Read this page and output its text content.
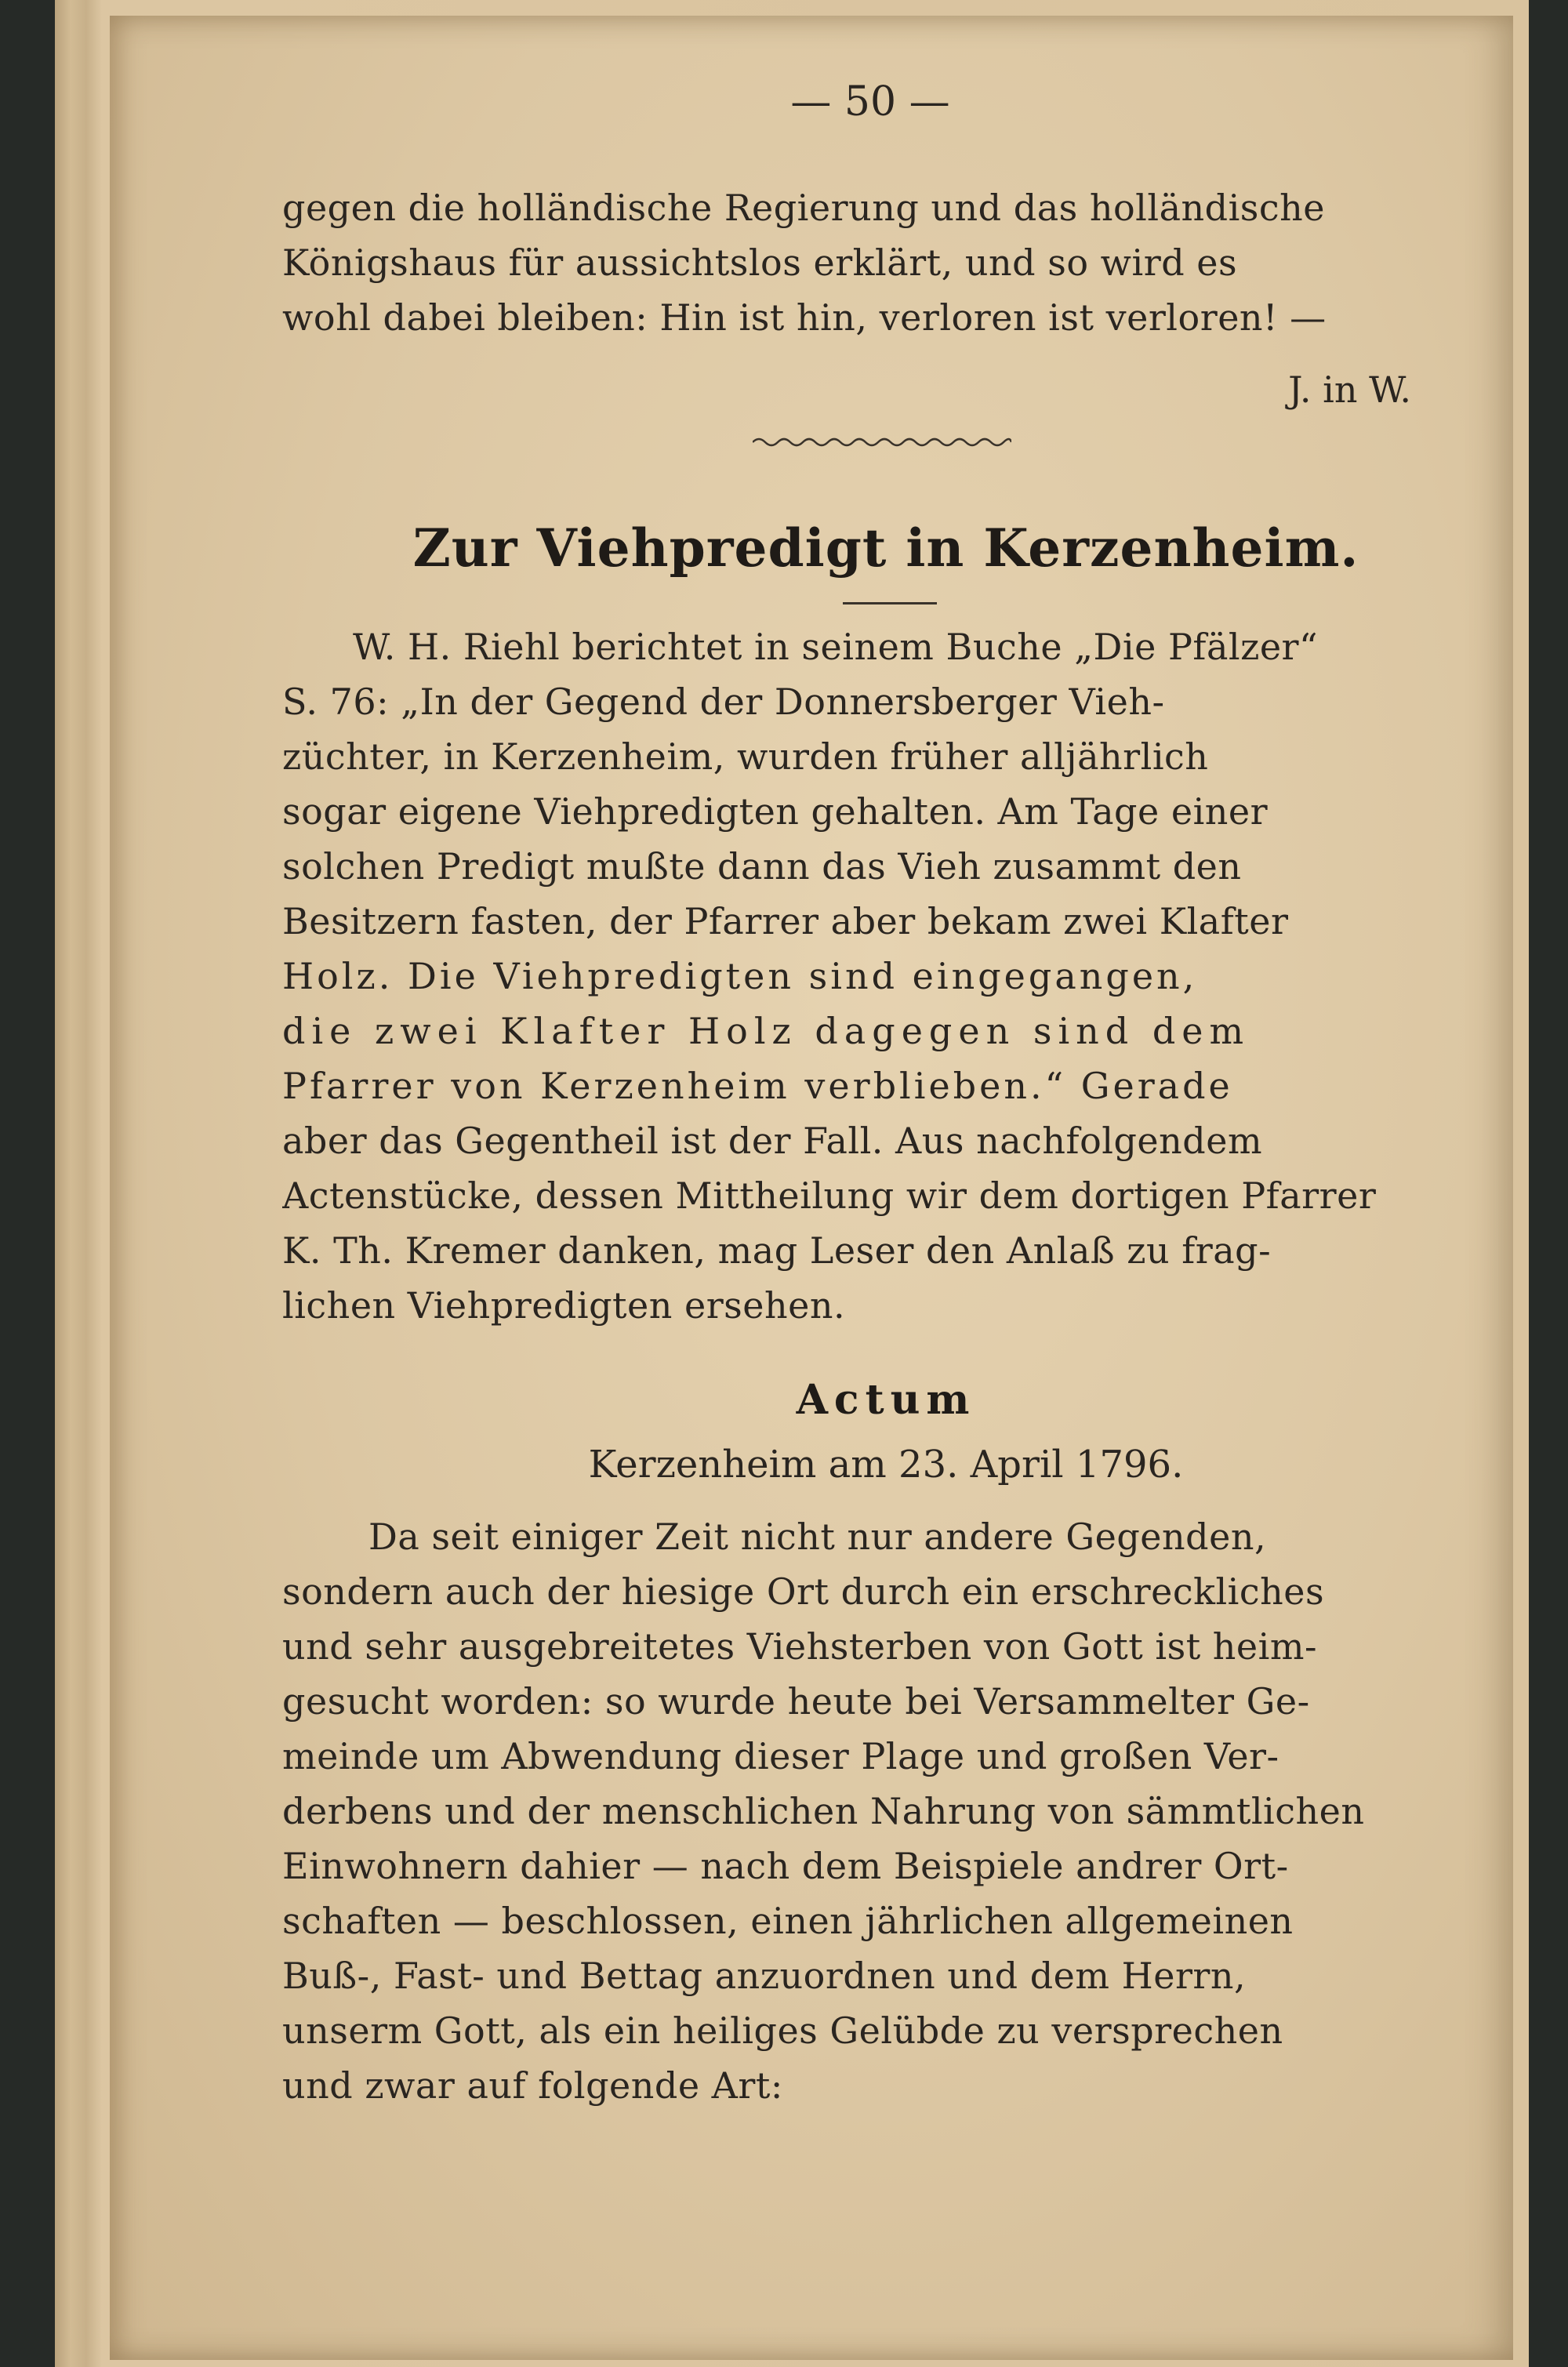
— 50 —
gegen die holländische Regierung und das holländische
Königshaus für aussichtslos erklärt, und so wird es
wohl dabei bleiben: Hin ist hin, verloren ist verloren! —
J. in W.
Zur Viehpredigt in Kerzenheim.
W. H. Riehl berichtet in seinem Buche „Die Pfälzer“
S. 76: „In der Gegend der Donnersberger Vieh-
züchter, in Kerzenheim, wurden früher alljährlich
sogar eigene Viehpredigten gehalten. Am Tage einer
solchen Predigt mußte dann das Vieh zusammt den
Besitzern fasten, der Pfarrer aber bekam zwei Klafter
Holz. Die Viehpredigten sind eingegangen,
die zwei Klafter Holz dagegen sind dem
Pfarrer von Kerzenheim verblieben.“ Gerade
aber das Gegentheil ist der Fall. Aus nachfolgendem
Actenstücke, dessen Mittheilung wir dem dortigen Pfarrer
K. Th. Kremer danken, mag Leser den Anlaß zu frag-
lichen Viehpredigten ersehen.
Actum
Kerzenheim am 23. April 1796.
Da seit einiger Zeit nicht nur andere Gegenden,
sondern auch der hiesige Ort durch ein erschreckliches
und sehr ausgebreitetes Viehsterben von Gott ist heim-
gesucht worden: so wurde heute bei Versammelter Ge-
meinde um Abwendung dieser Plage und großen Ver-
derbens und der menschlichen Nahrung von sämmtlichen
Einwohnern dahier — nach dem Beispiele andrer Ort-
schaften — beschlossen, einen jährlichen allgemeinen
Buß-, Fast- und Bettag anzuordnen und dem Herrn,
unserm Gott, als ein heiliges Gelübde zu versprechen
und zwar auf folgende Art:
